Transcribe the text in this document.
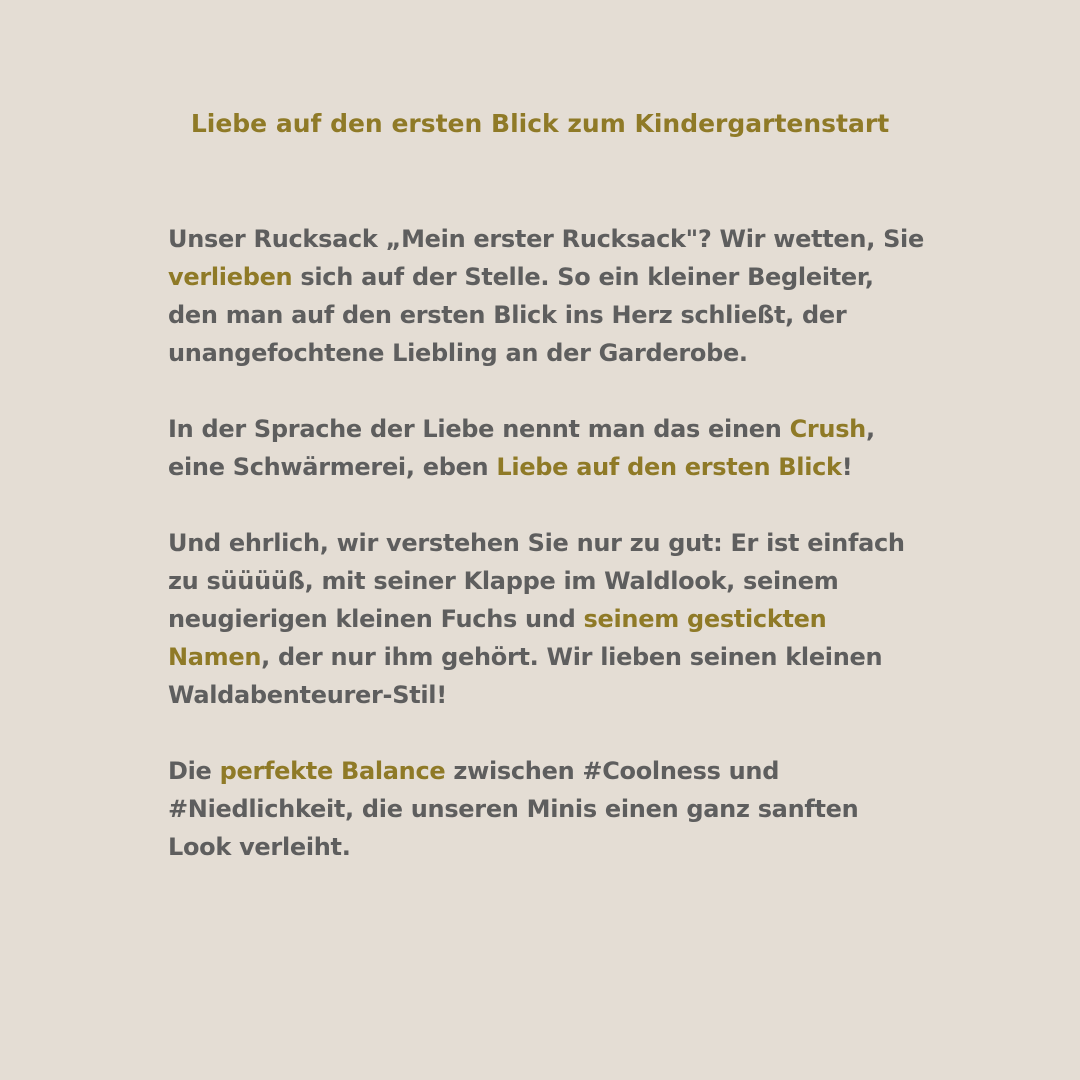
Liebe auf den ersten Blick zum Kindergartenstart

Unser Rucksack „Mein erster Rucksack"? Wir wetten, Sie
verlieben sich auf der Stelle. So ein kleiner Begleiter,
den man auf den ersten Blick ins Herz schließt, der
unangefochtene Liebling an der Garderobe.

In der Sprache der Liebe nennt man das einen Crush,
eine Schwärmerei, eben Liebe auf den ersten Blick!

Und ehrlich, wir verstehen Sie nur zu gut: Er ist einfach
zu süüüüß, mit seiner Klappe im Waldlook, seinem
neugierigen kleinen Fuchs und seinem gestickten
Namen, der nur ihm gehört. Wir lieben seinen kleinen
Waldabenteurer-Stil!

Die perfekte Balance zwischen #Coolness und
#Niedlichkeit, die unseren Minis einen ganz sanften
Look verleiht.
